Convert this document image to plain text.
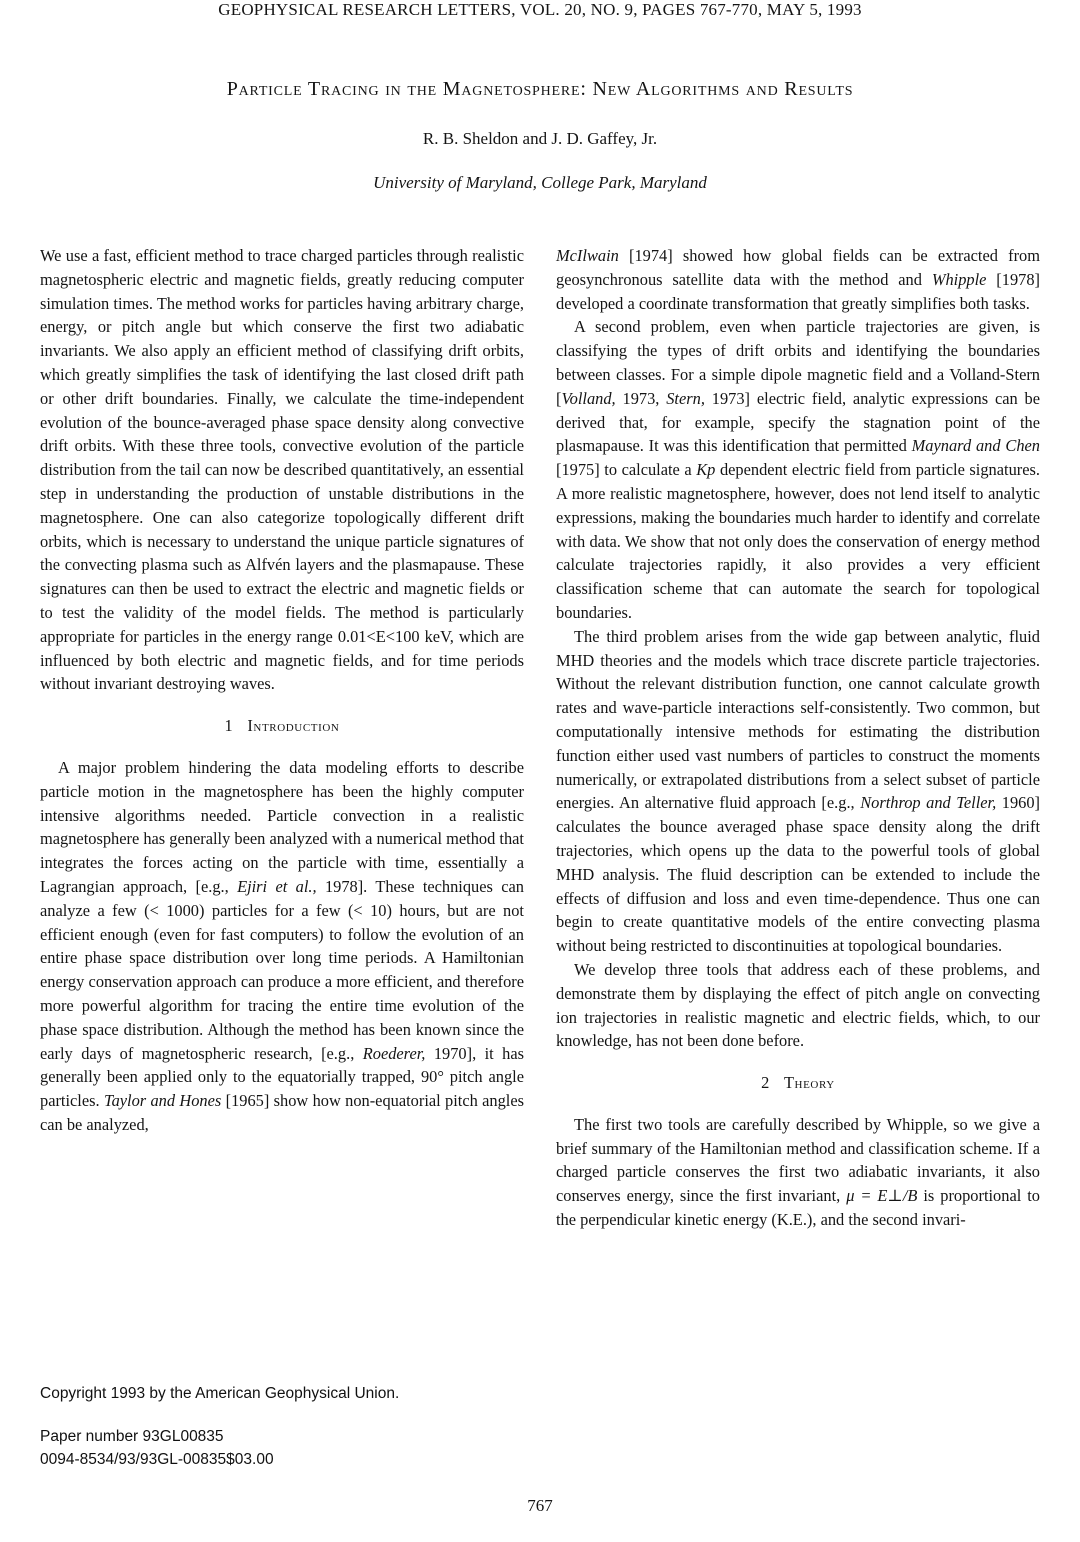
GEOPHYSICAL RESEARCH LETTERS, VOL. 20, NO. 9, PAGES 767-770, MAY 5, 1993
Particle Tracing in the Magnetosphere: New Algorithms and Results
R. B. Sheldon and J. D. Gaffey, Jr.
University of Maryland, College Park, Maryland

We use a fast, efficient method to trace charged particles through realistic magnetospheric electric and magnetic fields, greatly reducing computer simulation times. The method works for particles having arbitrary charge, energy, or pitch angle but which conserve the first two adiabatic invariants. We also apply an efficient method of classifying drift orbits, which greatly simplifies the task of identifying the last closed drift path or other drift boundaries. Finally, we calculate the time-independent evolution of the bounce-averaged phase space density along convective drift orbits. With these three tools, convective evolution of the particle distribution from the tail can now be described quantitatively, an essential step in understanding the production of unstable distributions in the magnetosphere. One can also categorize topologically different drift orbits, which is necessary to understand the unique particle signatures of the convecting plasma such as Alfvén layers and the plasmapause. These signatures can then be used to extract the electric and magnetic fields or to test the validity of the model fields. The method is particularly appropriate for particles in the energy range 0.01<E<100 keV, which are influenced by both electric and magnetic fields, and for time periods without invariant destroying waves.

1 Introduction

A major problem hindering the data modeling efforts to describe particle motion in the magnetosphere has been the highly computer intensive algorithms needed. Particle convection in a realistic magnetosphere has generally been analyzed with a numerical method that integrates the forces acting on the particle with time, essentially a Lagrangian approach, [e.g., Ejiri et al., 1978]. These techniques can analyze a few (< 1000) particles for a few (< 10) hours, but are not efficient enough (even for fast computers) to follow the evolution of an entire phase space distribution over long time periods. A Hamiltonian energy conservation approach can produce a more efficient, and therefore more powerful algorithm for tracing the entire time evolution of the phase space distribution. Although the method has been known since the early days of magnetospheric research, [e.g., Roederer, 1970], it has generally been applied only to the equatorially trapped, 90° pitch angle particles. Taylor and Hones [1965] show how non-equatorial pitch angles can be analyzed,

McIlwain [1974] showed how global fields can be extracted from geosynchronous satellite data with the method and Whipple [1978] developed a coordinate transformation that greatly simplifies both tasks.

A second problem, even when particle trajectories are given, is classifying the types of drift orbits and identifying the boundaries between classes. For a simple dipole magnetic field and a Volland-Stern [Volland, 1973, Stern, 1973] electric field, analytic expressions can be derived that, for example, specify the stagnation point of the plasmapause. It was this identification that permitted Maynard and Chen [1975] to calculate a Kp dependent electric field from particle signatures. A more realistic magnetosphere, however, does not lend itself to analytic expressions, making the boundaries much harder to identify and correlate with data. We show that not only does the conservation of energy method calculate trajectories rapidly, it also provides a very efficient classification scheme that can automate the search for topological boundaries.

The third problem arises from the wide gap between analytic, fluid MHD theories and the models which trace discrete particle trajectories. Without the relevant distribution function, one cannot calculate growth rates and wave-particle interactions self-consistently. Two common, but computationally intensive methods for estimating the distribution function either used vast numbers of particles to construct the moments numerically, or extrapolated distributions from a select subset of particle energies. An alternative fluid approach [e.g., Northrop and Teller, 1960] calculates the bounce averaged phase space density along the drift trajectories, which opens up the data to the powerful tools of global MHD analysis. The fluid description can be extended to include the effects of diffusion and loss and even time-dependence. Thus one can begin to create quantitative models of the entire convecting plasma without being restricted to discontinuities at topological boundaries.

We develop three tools that address each of these problems, and demonstrate them by displaying the effect of pitch angle on convecting ion trajectories in realistic magnetic and electric fields, which, to our knowledge, has not been done before.

2 Theory

The first two tools are carefully described by Whipple, so we give a brief summary of the Hamiltonian method and classification scheme. If a charged particle conserves the first two adiabatic invariants, it also conserves energy, since the first invariant, μ = E⊥/B is proportional to the perpendicular kinetic energy (K.E.), and the second invari-

Copyright 1993 by the American Geophysical Union.
Paper number 93GL00835
0094-8534/93/93GL-00835$03.00
767
